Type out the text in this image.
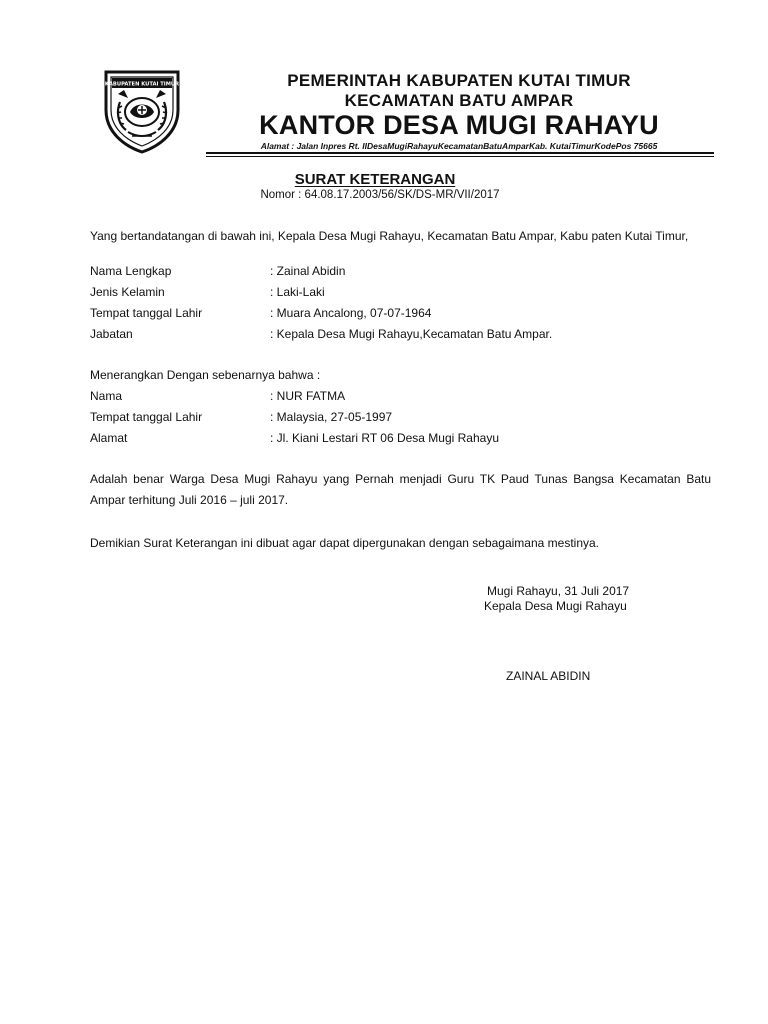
KABUPATEN KUTAI TIMUR	PEMERINTAH KABUPATEN KUTAI TIMUR
KECAMATAN BATU AMPAR
KANTOR DESA MUGI RAHAYU
Alamat : Jalan Inpres Rt. IIDesaMugiRahayuKecamatanBatuAmparKab. KutaiTimurKodePos 75665
SURAT KETERANGAN
Nomor : 64.08.17.2003/56/SK/DS-MR/VII/2017
Yang bertandatangan di bawah ini, Kepala Desa Mugi Rahayu, Kecamatan Batu Ampar, Kabu paten Kutai Timur,
Nama Lengkap	: Zainal Abidin
Jenis Kelamin	: Laki-Laki
Tempat tanggal Lahir	: Muara Ancalong, 07-07-1964
Jabatan	: Kepala Desa Mugi Rahayu,Kecamatan Batu Ampar.
Menerangkan Dengan sebenarnya bahwa :
Nama	: NUR FATMA
Tempat tanggal Lahir	: Malaysia, 27-05-1997
Alamat	: Jl. Kiani Lestari RT 06 Desa Mugi Rahayu
Adalah benar Warga Desa Mugi Rahayu yang Pernah menjadi Guru TK Paud Tunas Bangsa Kecamatan Batu Ampar terhitung Juli 2016 – juli 2017.
Demikian Surat Keterangan ini dibuat agar dapat dipergunakan dengan sebagaimana mestinya.
Mugi Rahayu, 31 Juli 2017
Kepala Desa Mugi Rahayu
ZAINAL ABIDIN
